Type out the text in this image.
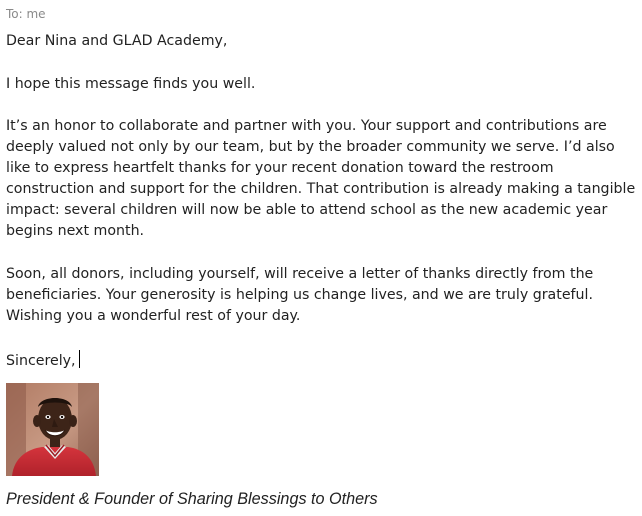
To: me
Dear Nina and GLAD Academy,
I hope this message finds you well.
It’s an honor to collaborate and partner with you. Your support and contributions are deeply valued not only by our team, but by the broader community we serve. I’d also like to express heartfelt thanks for your recent donation toward the restroom construction and support for the children. That contribution is already making a tangible impact: several children will now be able to attend school as the new academic year begins next month.
Soon, all donors, including yourself, will receive a letter of thanks directly from the beneficiaries. Your generosity is helping us change lives, and we are truly grateful. Wishing you a wonderful rest of your day.
Sincerely,
President & Founder of Sharing Blessings to Others
